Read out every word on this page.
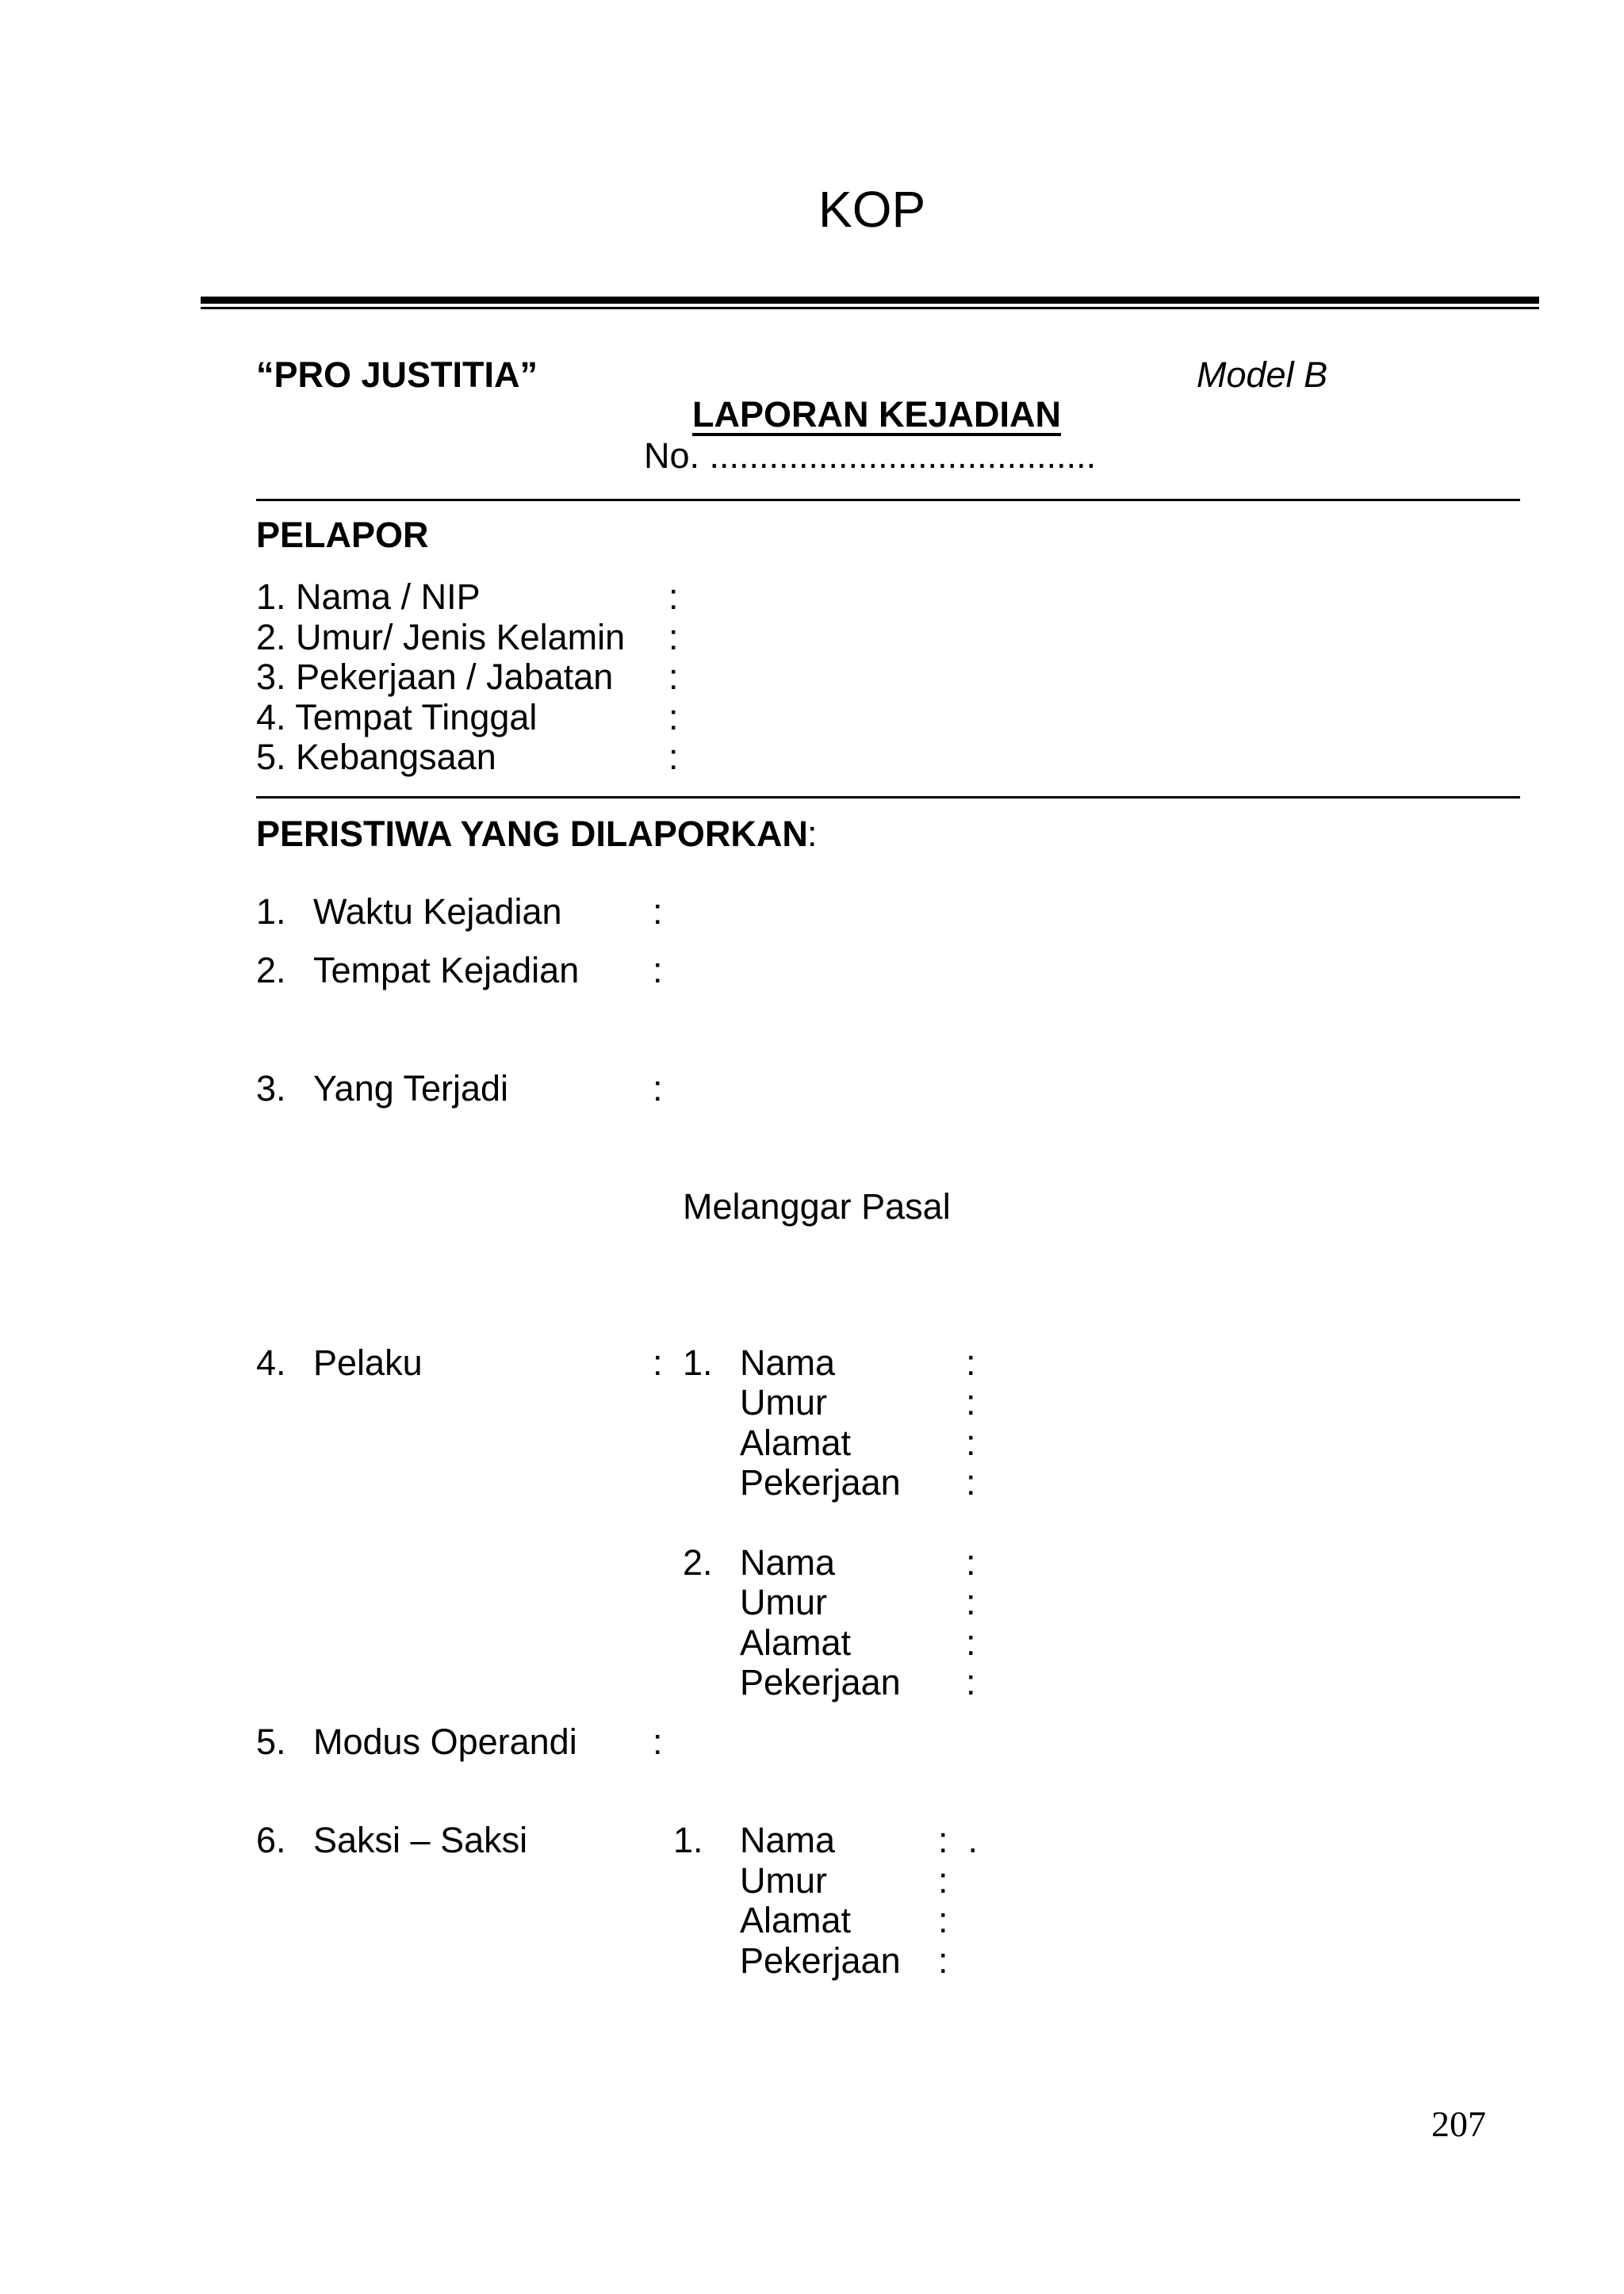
KOP
“PRO JUSTITIA”	Model B
LAPORAN KEJADIAN
No. .......................................
PELAPOR
1. Nama / NIP	:
2. Umur/ Jenis Kelamin :
3. Pekerjaan / Jabatan :
4. Tempat Tinggal	:
5. Kebangsaan	:
PERISTIWA YANG DILAPORKAN :
1. Waktu Kejadian	:
2. Tempat Kejadian :
3. Yang Terjadi	:
Melanggar Pasal
4. Pelaku	: 1. Nama	:
Umur	:
Alamat	:
Pekerjaan :
2. Nama	:
Umur	:
Alamat	:
Pekerjaan :
5. Modus Operandi :
6. Saksi – Saksi	1. Nama	:  .
Umur	:
Alamat :
Pekerjaan :
207
